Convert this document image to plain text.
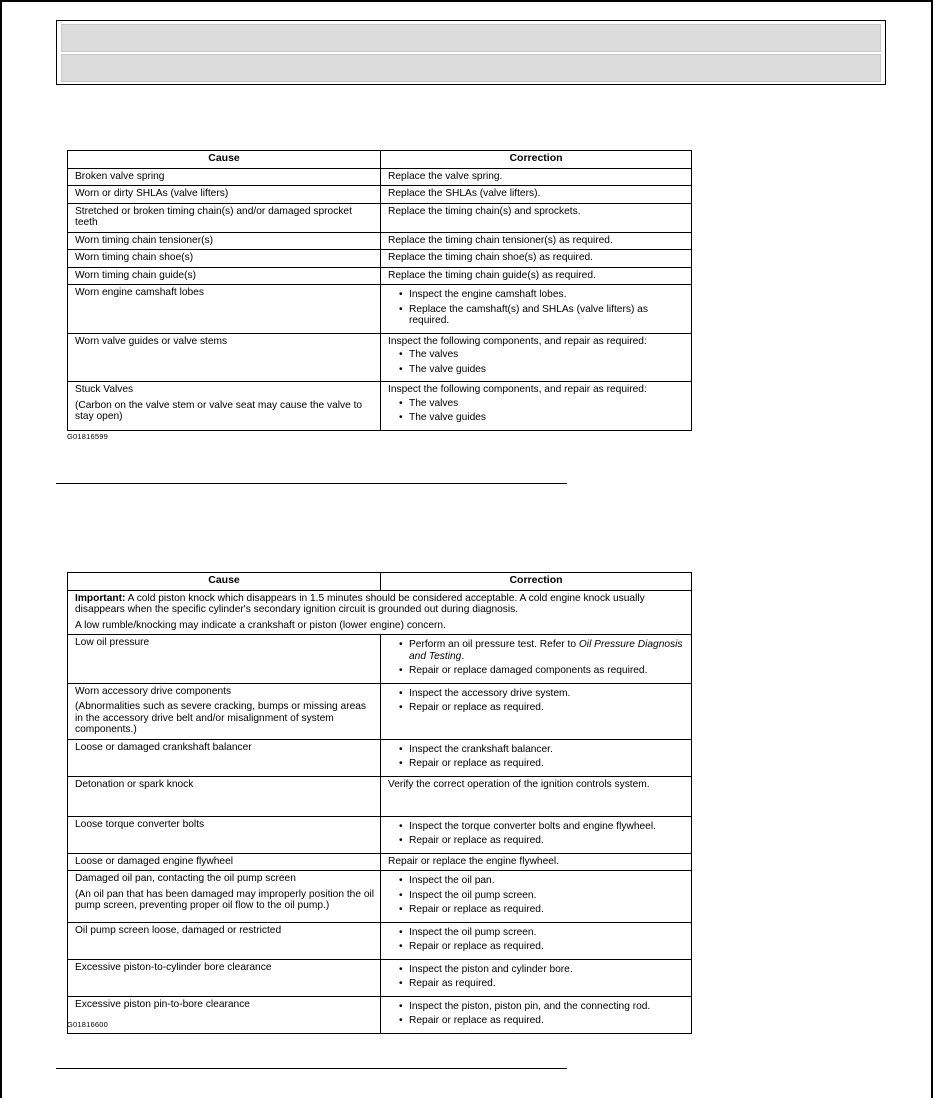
Cause	Correction
Broken valve spring	Replace the valve spring.

Worn or dirty SHLAs (valve lifters)	Replace the SHLAs (valve lifters).

Stretched or broken timing chain(s) and/or damaged sprocket teeth	Replace the timing chain(s) and sprockets.

Worn timing chain tensioner(s)	Replace the timing chain tensioner(s) as required.

Worn timing chain shoe(s)	Replace the timing chain shoe(s) as required.

Worn timing chain guide(s)	Replace the timing chain guide(s) as required.

Worn engine camshaft lobes	• Inspect the engine camshaft lobes.
• Replace the camshaft(s) and SHLAs (valve lifters) as required.

Worn valve guides or valve stems	Inspect the following components, and repair as required:
• The valves
• The valve guides

Stuck Valves
(Carbon on the valve stem or valve seat may cause the valve to stay open)	Inspect the following components, and repair as required:
• The valves
• The valve guides
G01816599
Cause	Correction
Important: A cold piston knock which disappears in 1.5 minutes should be considered acceptable. A cold engine knock usually disappears when the specific cylinder's secondary ignition circuit is grounded out during diagnosis.
A low rumble/knocking may indicate a crankshaft or piston (lower engine) concern.	

Low oil pressure	• Perform an oil pressure test. Refer to Oil Pressure Diagnosis and Testing.
• Repair or replace damaged components as required.

Worn accessory drive components
(Abnormalities such as severe cracking, bumps or missing areas in the accessory drive belt and/or misalignment of system components.)	• Inspect the accessory drive system.
• Repair or replace as required.

Loose or damaged crankshaft balancer	• Inspect the crankshaft balancer.
• Repair or replace as required.

Detonation or spark knock	Verify the correct operation of the ignition controls system.

Loose torque converter bolts	• Inspect the torque converter bolts and engine flywheel.
• Repair or replace as required.

Loose or damaged engine flywheel	Repair or replace the engine flywheel.

Damaged oil pan, contacting the oil pump screen
(An oil pan that has been damaged may improperly position the oil pump screen, preventing proper oil flow to the oil pump.)	• Inspect the oil pan.
• Inspect the oil pump screen.
• Repair or replace as required.

Oil pump screen loose, damaged or restricted	• Inspect the oil pump screen.
• Repair or replace as required.

Excessive piston-to-cylinder bore clearance	• Inspect the piston and cylinder bore.
• Repair as required.

Excessive piston pin-to-bore clearance	• Inspect the piston, piston pin, and the connecting rod.
• Repair or replace as required.
G01816600
